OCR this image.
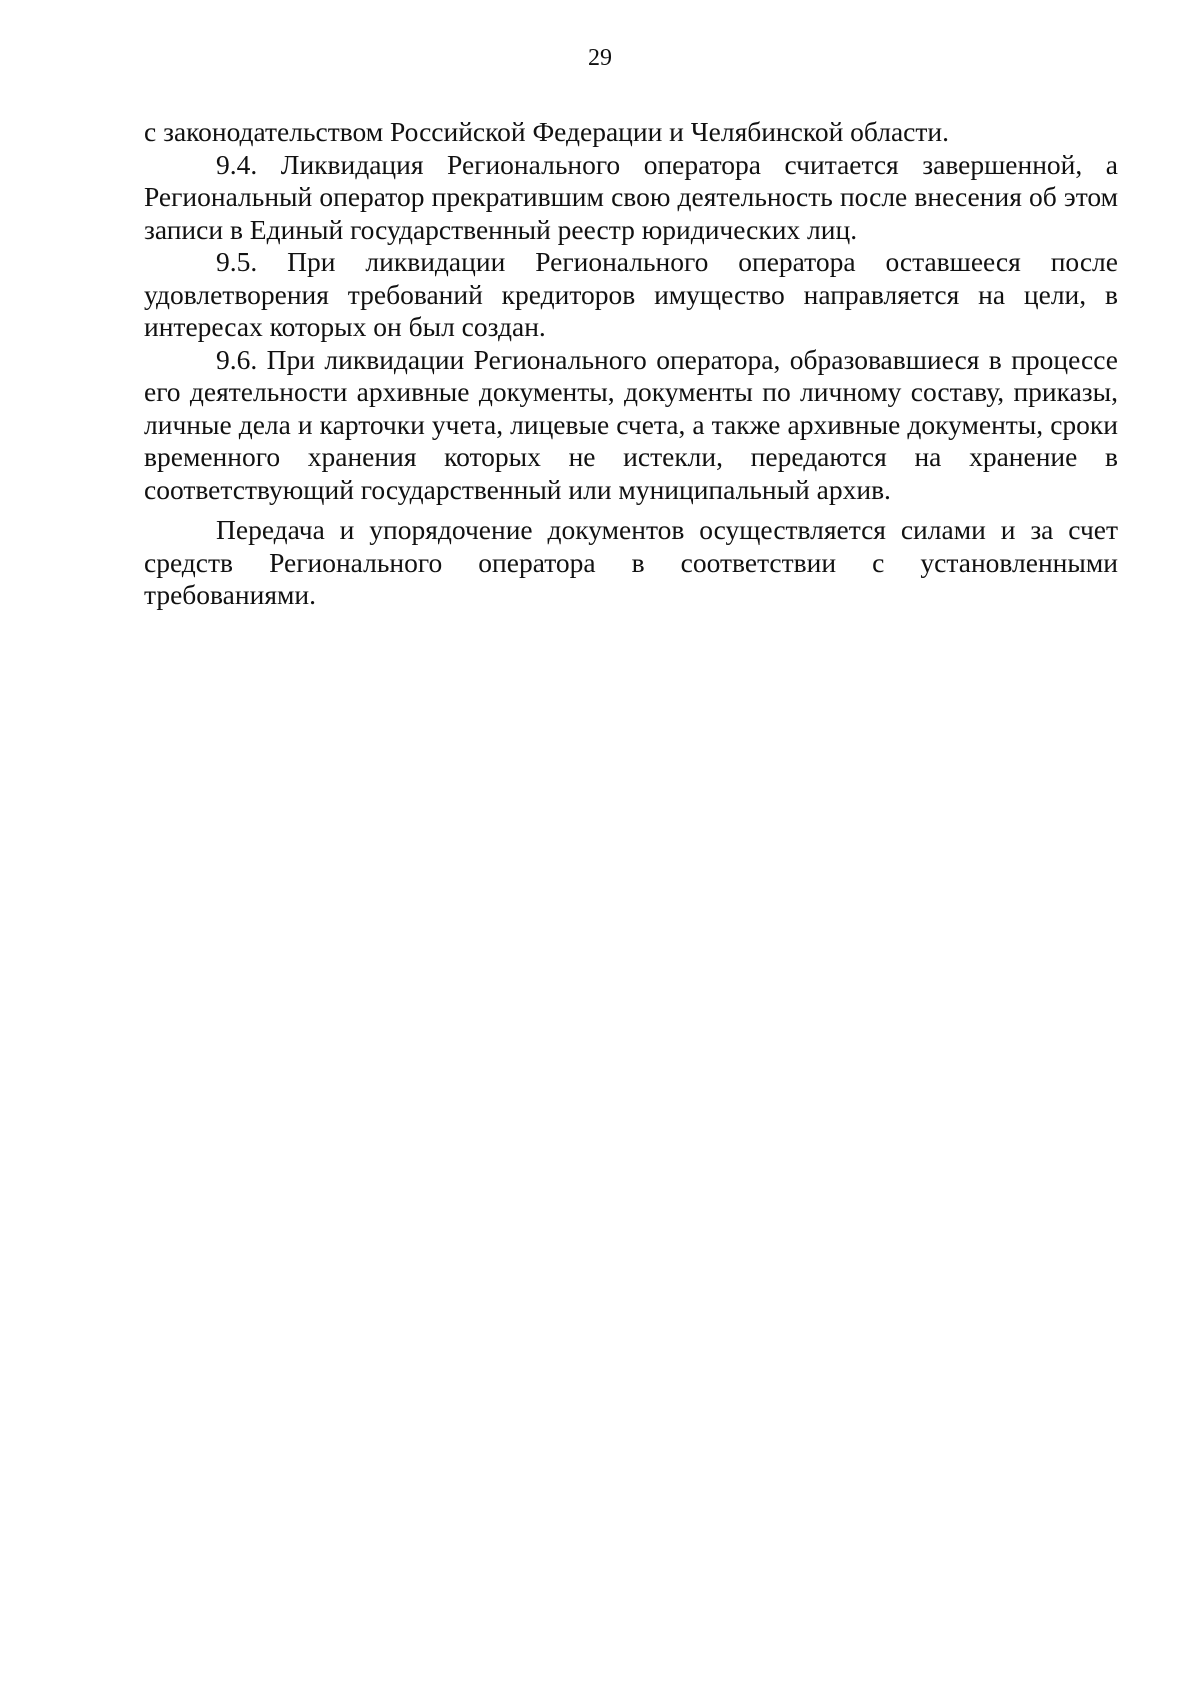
29

с законодательством Российской Федерации и Челябинской области.

9.4. Ликвидация Регионального оператора считается завершенной, а Региональный оператор прекратившим свою деятельность после внесения об этом записи в Единый государственный реестр юридических лиц.

9.5. При ликвидации Регионального оператора оставшееся после удовлетворения требований кредиторов имущество направляется на цели, в интересах которых он был создан.

9.6. При ликвидации Регионального оператора, образовавшиеся в процессе его деятельности архивные документы, документы по личному составу, приказы, личные дела и карточки учета, лицевые счета, а также архивные документы, сроки временного хранения которых не истекли, передаются на хранение в соответствующий государственный или муниципальный архив.

Передача и упорядочение документов осуществляется силами и за счет средств Регионального оператора в соответствии с установленными требованиями.
